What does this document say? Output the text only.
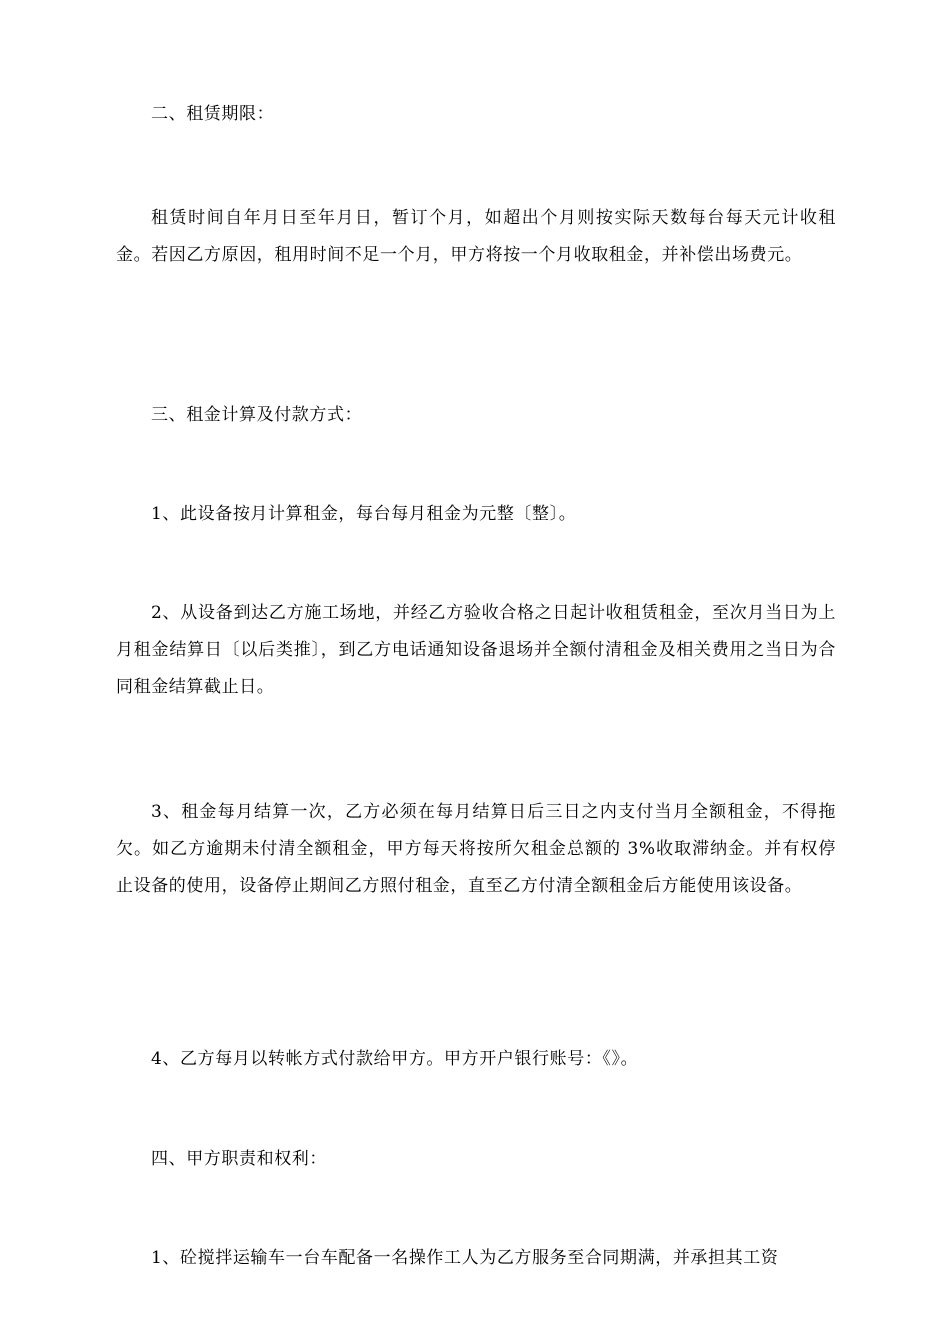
二、租赁期限：

租赁时间自年月日至年月日，暂订个月，如超出个月则按实际天数每台每天元计收租金。若因乙方原因，租用时间不足一个月，甲方将按一个月收取租金，并补偿出场费元。

三、租金计算及付款方式：

1、此设备按月计算租金，每台每月租金为元整〔整〕。

2、从设备到达乙方施工场地，并经乙方验收合格之日起计收租赁租金，至次月当日为上月租金结算日〔以后类推〕，到乙方电话通知设备退场并全额付清租金及相关费用之当日为合同租金结算截止日。

3、租金每月结算一次，乙方必须在每月结算日后三日之内支付当月全额租金，不得拖欠。如乙方逾期未付清全额租金，甲方每天将按所欠租金总额的 3%收取滞纳金。并有权停止设备的使用，设备停止期间乙方照付租金，直至乙方付清全额租金后方能使用该设备。

4、乙方每月以转帐方式付款给甲方。甲方开户银行账号：《》。

四、甲方职责和权利：

1、砼搅拌运输车一台车配备一名操作工人为乙方服务至合同期满，并承担其工资
